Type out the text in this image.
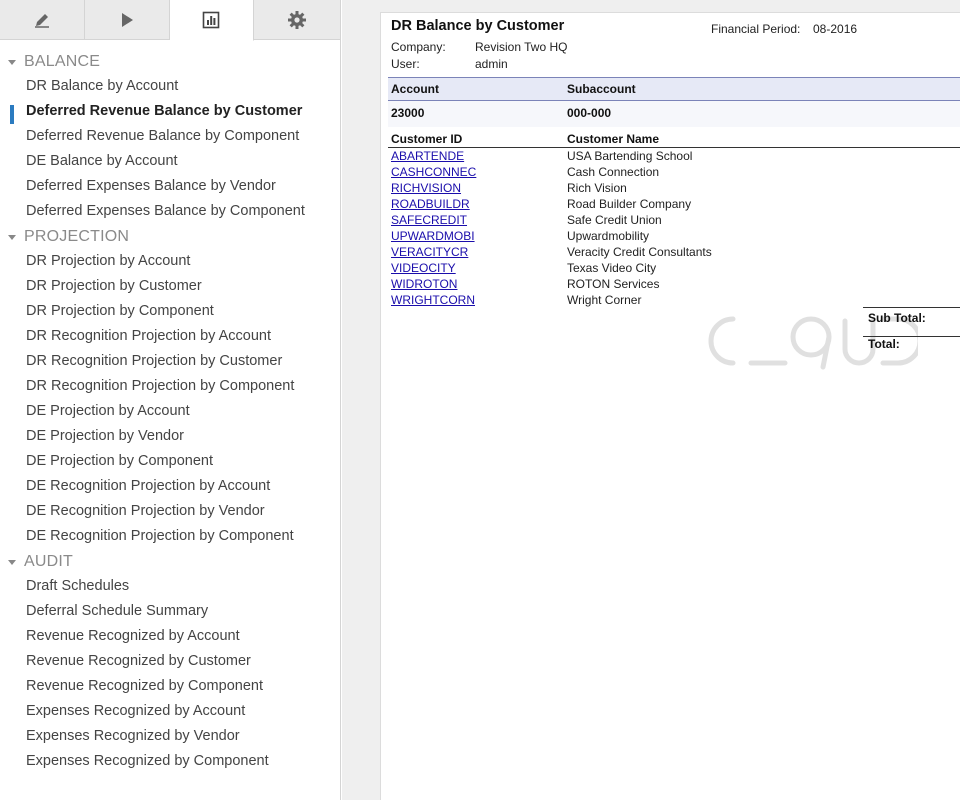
BALANCE
DR Balance by Account
Deferred Revenue Balance by Customer
Deferred Revenue Balance by Component
DE Balance by Account
Deferred Expenses Balance by Vendor
Deferred Expenses Balance by Component
PROJECTION
DR Projection by Account
DR Projection by Customer
DR Projection by Component
DR Recognition Projection by Account
DR Recognition Projection by Customer
DR Recognition Projection by Component
DE Projection by Account
DE Projection by Vendor
DE Projection by Component
DE Recognition Projection by Account
DE Recognition Projection by Vendor
DE Recognition Projection by Component
AUDIT
Draft Schedules
Deferral Schedule Summary
Revenue Recognized by Account
Revenue Recognized by Customer
Revenue Recognized by Component
Expenses Recognized by Account
Expenses Recognized by Vendor
Expenses Recognized by Component
DR Balance by Customer	Financial Period: 08-2016
Company: Revision Two HQ
User:	admin
Account	Subaccount
23000	000-000
Customer ID	Customer Name
ABARTENDE	USA Bartending School
CASHCONNEC	Cash Connection
RICHVISION	Rich Vision
ROADBUILDR	Road Builder Company
SAFECREDIT	Safe Credit Union
UPWARDMOBI	Upwardmobility
VERACITYCR	Veracity Credit Consultants
VIDEOCITY	Texas Video City
WIDROTON	ROTON Services
WRIGHTCORN	Wright Corner
Sub Total:
Total:
